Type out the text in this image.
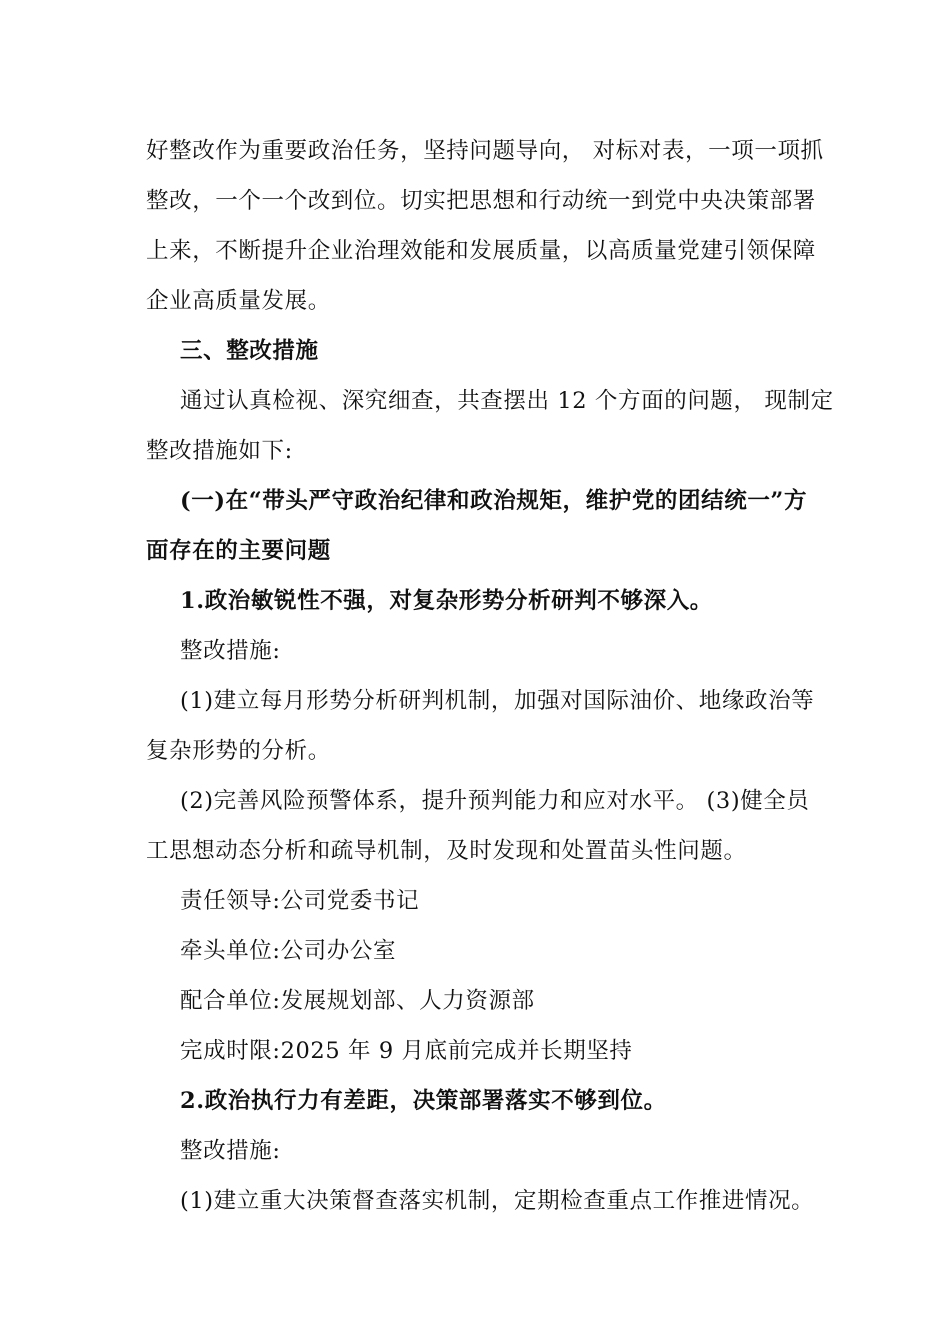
好整改作为重要政治任务，坚持问题导向， 对标对表，一项一项抓
整改，一个一个改到位。切实把思想和行动统一到党中央决策部署
上来，不断提升企业治理效能和发展质量，以高质量党建引领保障
企业高质量发展。
三、整改措施
通过认真检视、深究细查，共查摆出 12 个方面的问题， 现制定
整改措施如下:
(一)在“带头严守政治纪律和政治规矩，维护党的团结统一”方
面存在的主要问题
1.政治敏锐性不强，对复杂形势分析研判不够深入。
整改措施:
(1)建立每月形势分析研判机制，加强对国际油价、地缘政治等
复杂形势的分析。
(2)完善风险预警体系，提升预判能力和应对水平。 (3)健全员
工思想动态分析和疏导机制，及时发现和处置苗头性问题。
责任领导:公司党委书记
牵头单位:公司办公室
配合单位:发展规划部、人力资源部
完成时限:2025 年 9 月底前完成并长期坚持
2.政治执行力有差距，决策部署落实不够到位。
整改措施:
(1)建立重大决策督查落实机制，定期检查重点工作推进情况。
